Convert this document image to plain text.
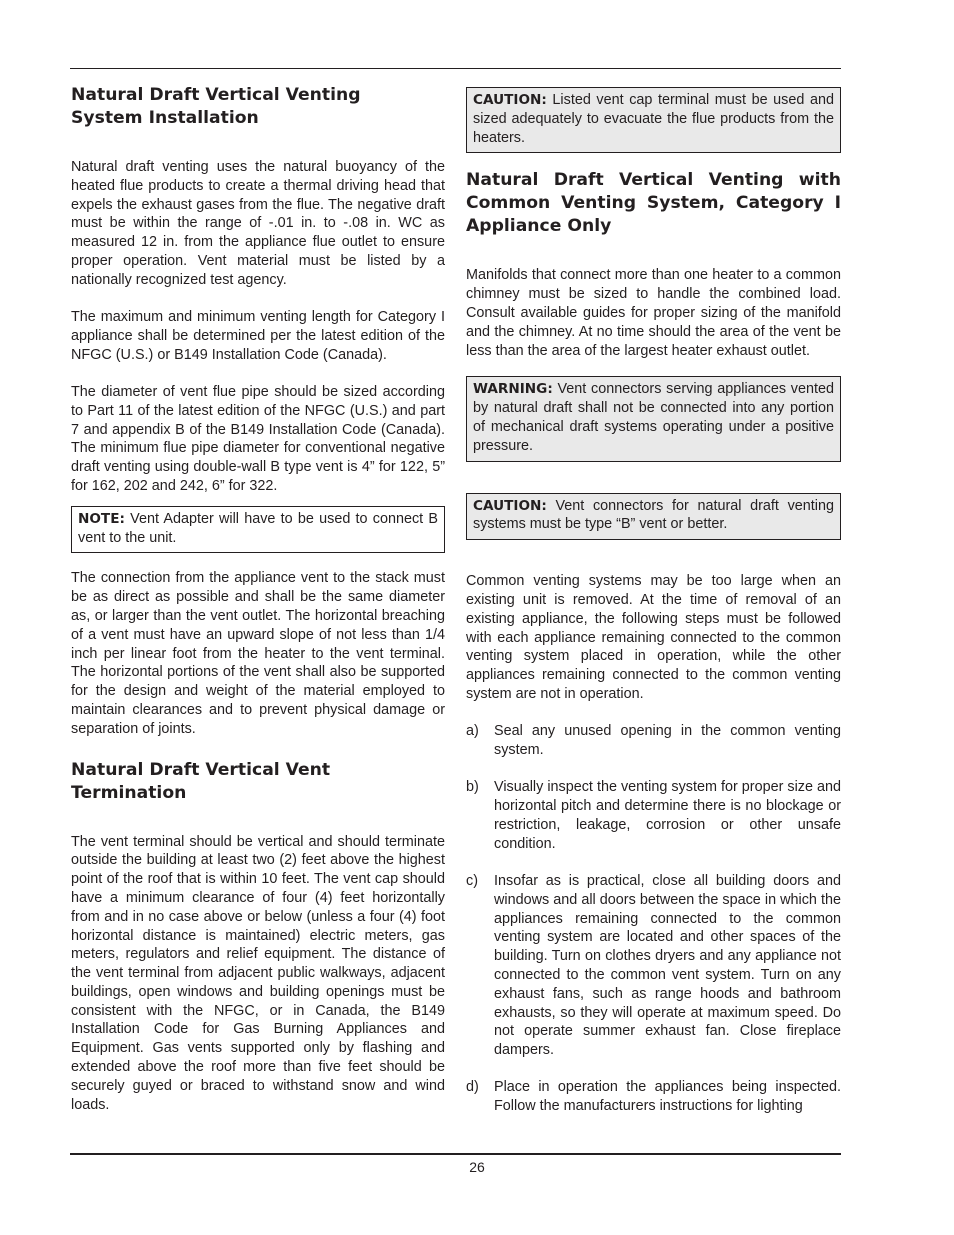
Natural Draft Vertical Venting System Installation

Natural draft venting uses the natural buoyancy of the heated flue products to create a thermal driving head that expels the exhaust gases from the flue. The negative draft must be within the range of -.01 in. to -.08 in. WC as measured 12 in. from the appliance flue outlet to ensure proper operation. Vent material must be listed by a nationally recognized test agency.

The maximum and minimum venting length for Category I appliance shall be determined per the latest edition of the NFGC (U.S.) or B149 Installation Code (Canada).

The diameter of vent flue pipe should be sized according to Part 11 of the latest edition of the NFGC (U.S.) and part 7 and appendix B of the B149 Installation Code (Canada). The minimum flue pipe diameter for conventional negative draft venting using double-wall B type vent is 4” for 122, 5” for 162, 202 and 242, 6” for 322.

NOTE: Vent Adapter will have to be used to connect B vent to the unit.

The connection from the appliance vent to the stack must be as direct as possible and shall be the same diameter as, or larger than the vent outlet. The horizontal breaching of a vent must have an upward slope of not less than 1/4 inch per linear foot from the heater to the vent terminal. The horizontal portions of the vent shall also be supported for the design and weight of the material employed to maintain clearances and to prevent physical damage or separation of joints.

Natural Draft Vertical Vent Termination

The vent terminal should be vertical and should terminate outside the building at least two (2) feet above the highest point of the roof that is within 10 feet. The vent cap should have a minimum clearance of four (4) feet horizontally from and in no case above or below (unless a four (4) foot horizontal distance is maintained) electric meters, gas meters, regulators and relief equipment. The distance of the vent terminal from adjacent public walkways, adjacent buildings, open windows and building openings must be consistent with the NFGC, or in Canada, the B149 Installation Code for Gas Burning Appliances and Equipment. Gas vents supported only by flashing and extended above the roof more than five feet should be securely guyed or braced to withstand snow and wind loads.

CAUTION: Listed vent cap terminal must be used and sized adequately to evacuate the flue products from the heaters.
Natural Draft Vertical Venting with Common Venting System, Category I Appliance Only

Manifolds that connect more than one heater to a common chimney must be sized to handle the combined load. Consult available guides for proper sizing of the manifold and the chimney. At no time should the area of the vent be less than the area of the largest heater exhaust outlet.

WARNING: Vent connectors serving appliances vented by natural draft shall not be connected into any portion of mechanical draft systems operating under a positive pressure.
CAUTION: Vent connectors for natural draft venting systems must be type “B” vent or better.

Common venting systems may be too large when an existing unit is removed. At the time of removal of an existing appliance, the following steps must be followed with each appliance remaining connected to the common venting system placed in operation, while the other appliances remaining connected to the common venting system are not in operation.

a) Seal any unused opening in the common venting system.
b) Visually inspect the venting system for proper size and horizontal pitch and determine there is no blockage or restriction, leakage, corrosion or other unsafe condition.
c) Insofar as is practical, close all building doors and windows and all doors between the space in which the appliances remaining connected to the common venting system are located and other spaces of the building. Turn on clothes dryers and any appliance not connected to the common vent system. Turn on any exhaust fans, such as range hoods and bathroom exhausts, so they will operate at maximum speed. Do not operate summer exhaust fan. Close fireplace dampers.
d) Place in operation the appliances being inspected. Follow the manufacturers instructions for lighting
26
